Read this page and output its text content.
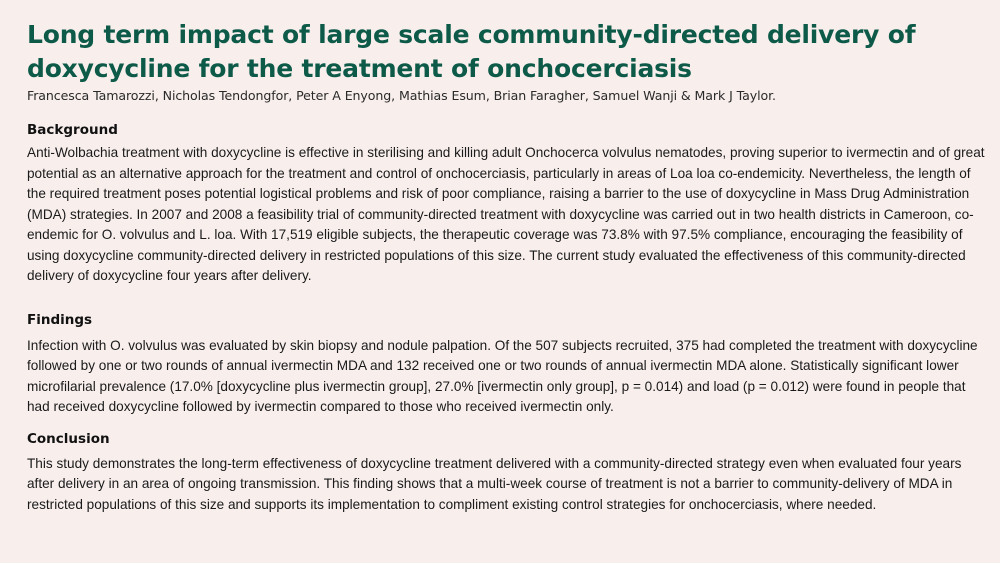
Long term impact of large scale community-directed delivery of doxycycline for the treatment of onchocerciasis

Francesca Tamarozzi, Nicholas Tendongfor, Peter A Enyong, Mathias Esum, Brian Faragher, Samuel Wanji & Mark J Taylor.

Background

Anti-Wolbachia treatment with doxycycline is effective in sterilising and killing adult Onchocerca volvulus nematodes, proving superior to ivermectin and of great potential as an alternative approach for the treatment and control of onchocerciasis, particularly in areas of Loa loa co-endemicity. Nevertheless, the length of the required treatment poses potential logistical problems and risk of poor compliance, raising a barrier to the use of doxycycline in Mass Drug Administration (MDA) strategies. In 2007 and 2008 a feasibility trial of community-directed treatment with doxycycline was carried out in two health districts in Cameroon, co-endemic for O. volvulus and L. loa. With 17,519 eligible subjects, the therapeutic coverage was 73.8% with 97.5% compliance, encouraging the feasibility of using doxycycline community-directed delivery in restricted populations of this size. The current study evaluated the effectiveness of this community-directed delivery of doxycycline four years after delivery.

Findings

Infection with O. volvulus was evaluated by skin biopsy and nodule palpation. Of the 507 subjects recruited, 375 had completed the treatment with doxycycline followed by one or two rounds of annual ivermectin MDA and 132 received one or two rounds of annual ivermectin MDA alone. Statistically significant lower microfilarial prevalence (17.0% [doxycycline plus ivermectin group], 27.0% [ivermectin only group], p = 0.014) and load (p = 0.012) were found in people that had received doxycycline followed by ivermectin compared to those who received ivermectin only.

Conclusion

This study demonstrates the long-term effectiveness of doxycycline treatment delivered with a community-directed strategy even when evaluated four years after delivery in an area of ongoing transmission. This finding shows that a multi-week course of treatment is not a barrier to community-delivery of MDA in restricted populations of this size and supports its implementation to compliment existing control strategies for onchocerciasis, where needed.
